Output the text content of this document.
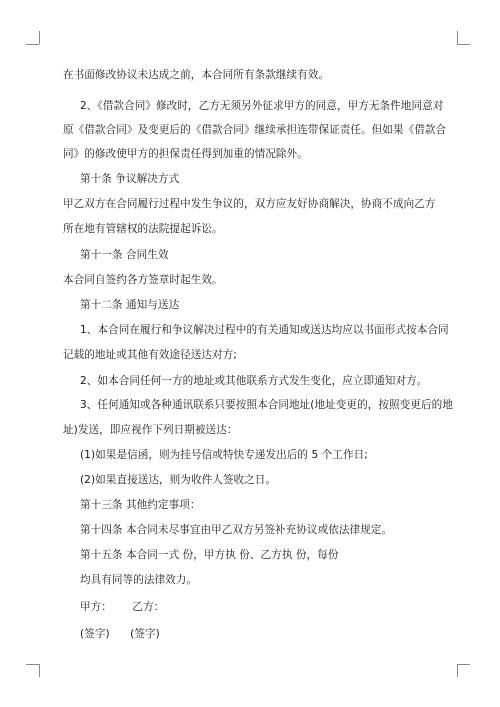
在书面修改协议未达成之前，本合同所有条款继续有效。
2、《借款合同》修改时，乙方无须另外征求甲方的同意，甲方无条件地同意对
原《借款合同》及变更后的《借款合同》继续承担连带保证责任。但如果《借款合
同》的修改使甲方的担保责任得到加重的情况除外。
第十条 争议解决方式
甲乙双方在合同履行过程中发生争议的，双方应友好协商解决，协商不成向乙方
所在地有管辖权的法院提起诉讼。
第十一条 合同生效
本合同自签约各方签章时起生效。
第十二条 通知与送达
1、本合同在履行和争议解决过程中的有关通知或送达均应以书面形式按本合同
记载的地址或其他有效途径送达对方;
2、如本合同任何一方的地址或其他联系方式发生变化，应立即通知对方。
3、任何通知或各种通讯联系只要按照本合同地址(地址变更的，按照变更后的地
址)发送，即应视作下列日期被送达：
(1)如果是信函，则为挂号信或特快专递发出后的 5 个工作日;
(2)如果直接送达，则为收件人签收之日。
第十三条 其他约定事项：
第十四条 本合同未尽事宜由甲乙双方另签补充协议或依法律规定。
第十五条 本合同一式 份，甲方执 份、乙方执 份，每份
均具有同等的法律效力。
甲方：      乙方：
(签字)      (签字)
